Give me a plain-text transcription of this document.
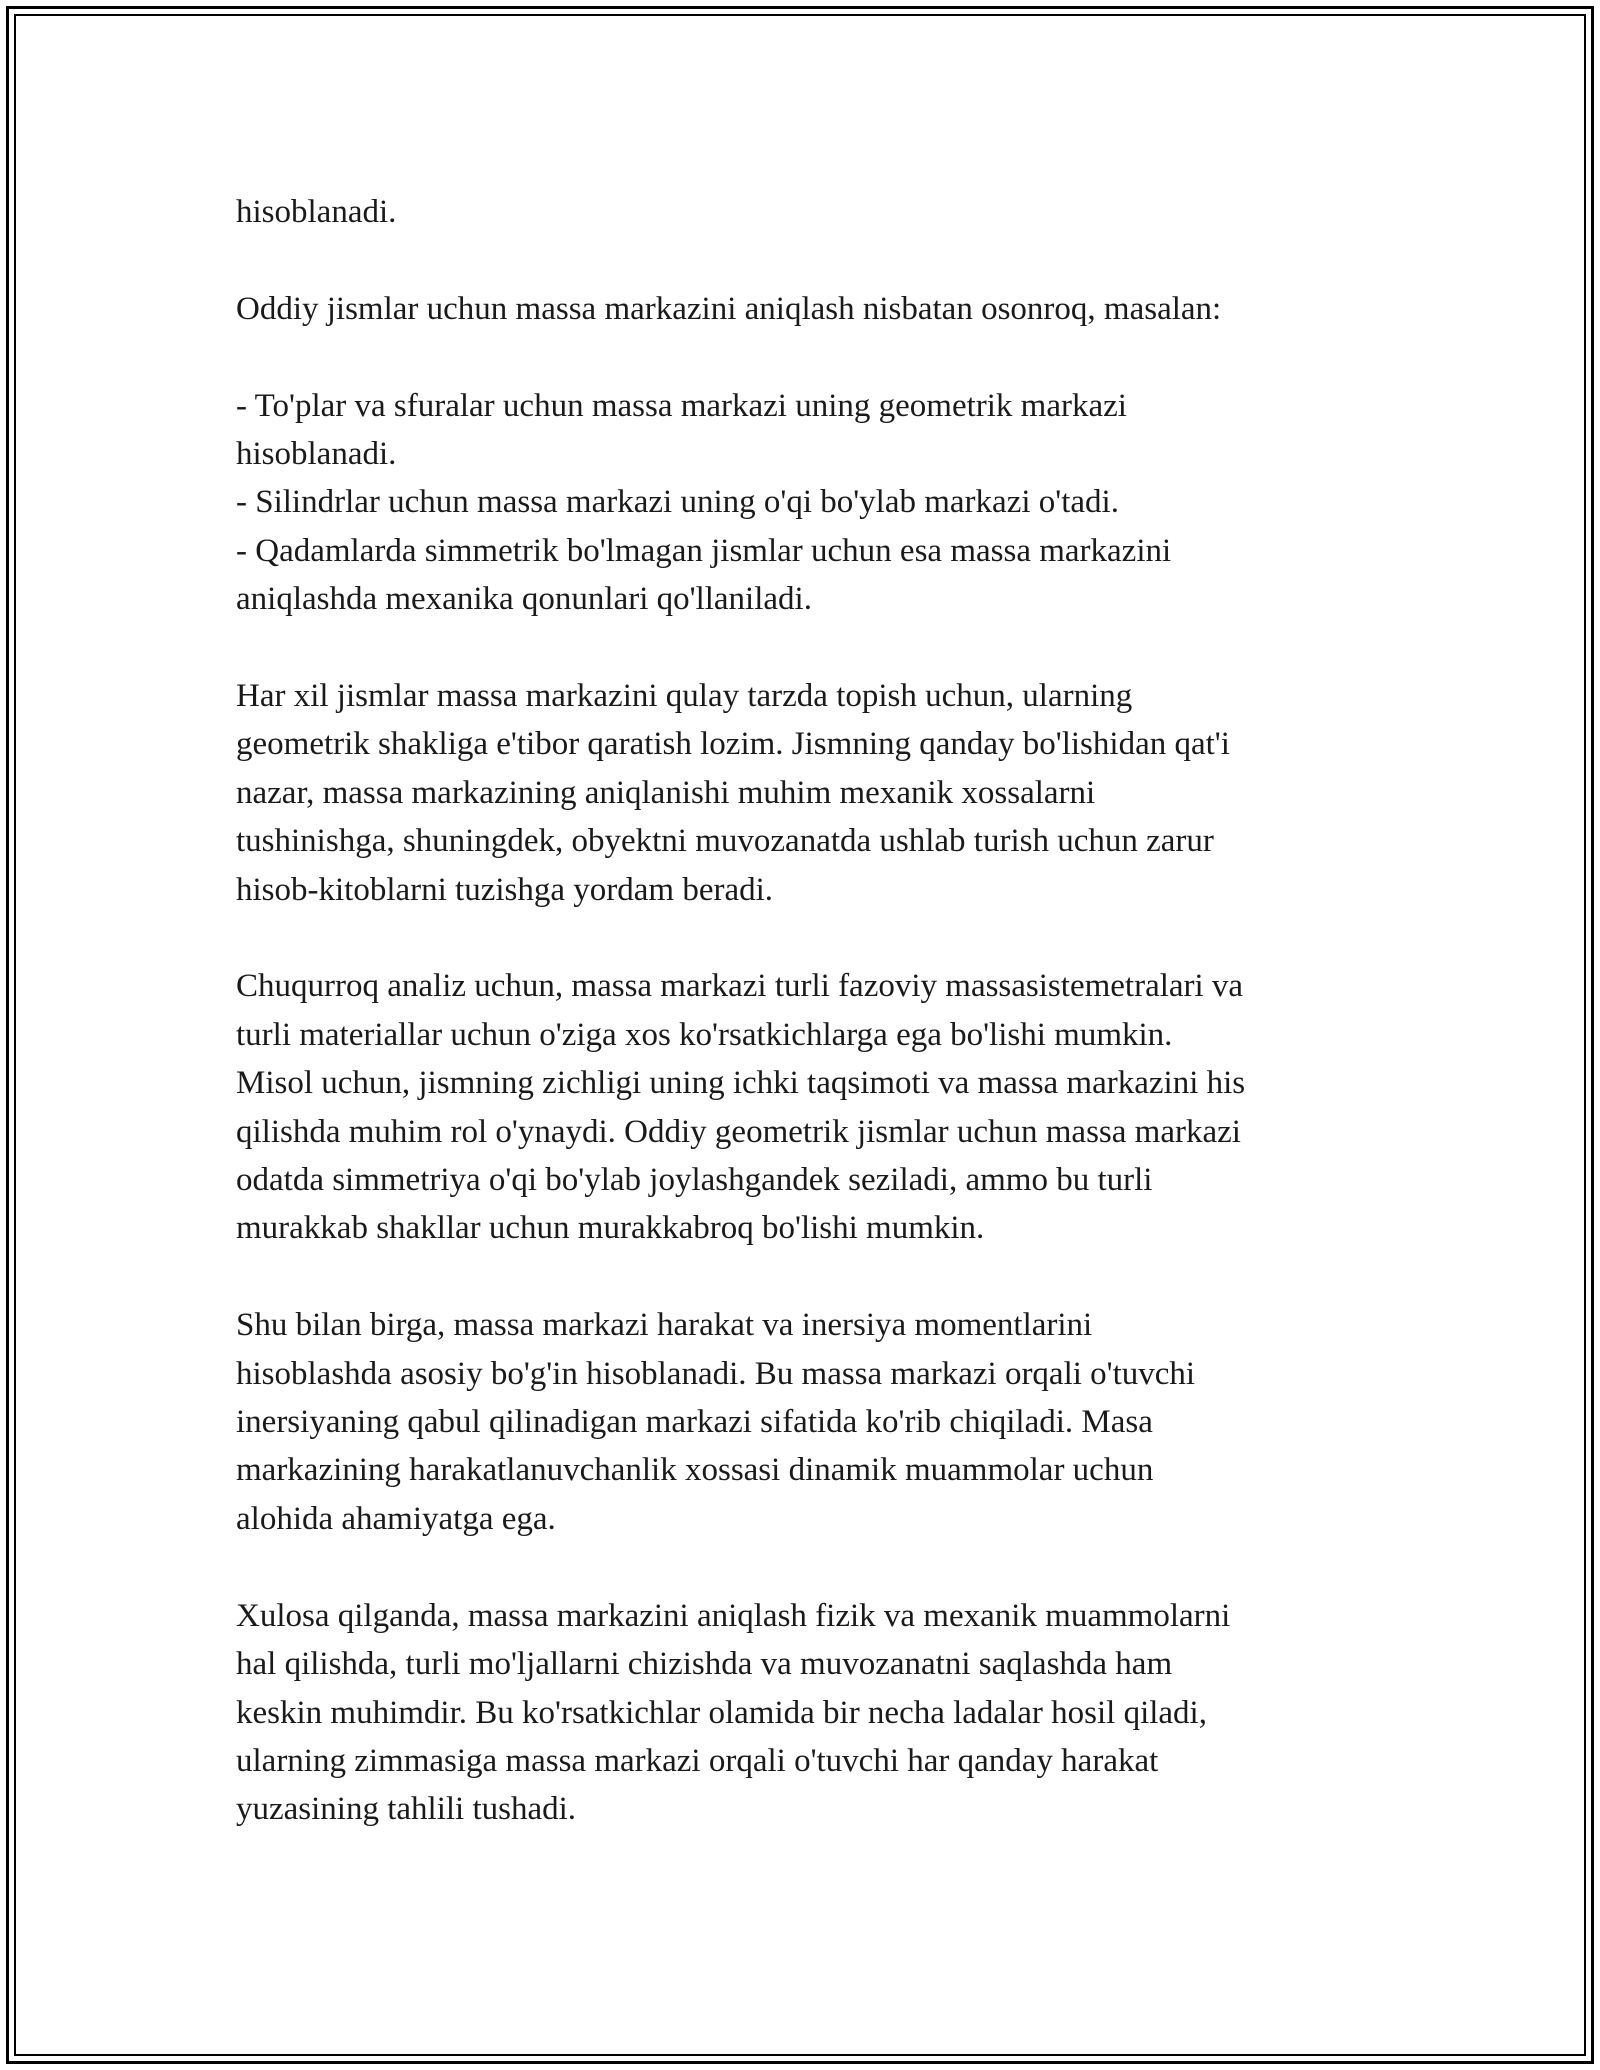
hisoblanadi.

Oddiy jismlar uchun massa markazini aniqlash nisbatan osonroq, masalan:

- To'plar va sfuralar uchun massa markazi uning geometrik markazi
hisoblanadi.
- Silindrlar uchun massa markazi uning o'qi bo'ylab markazi o'tadi.
- Qadamlarda simmetrik bo'lmagan jismlar uchun esa massa markazini
aniqlashda mexanika qonunlari qo'llaniladi.

Har xil jismlar massa markazini qulay tarzda topish uchun, ularning
geometrik shakliga e'tibor qaratish lozim. Jismning qanday bo'lishidan qat'i
nazar, massa markazining aniqlanishi muhim mexanik xossalarni
tushinishga, shuningdek, obyektni muvozanatda ushlab turish uchun zarur
hisob-kitoblarni tuzishga yordam beradi.

Chuqurroq analiz uchun, massa markazi turli fazoviy massasistemetralari va
turli materiallar uchun o'ziga xos ko'rsatkichlarga ega bo'lishi mumkin.
Misol uchun, jismning zichligi uning ichki taqsimoti va massa markazini his
qilishda muhim rol o'ynaydi. Oddiy geometrik jismlar uchun massa markazi
odatda simmetriya o'qi bo'ylab joylashgandek seziladi, ammo bu turli
murakkab shakllar uchun murakkabroq bo'lishi mumkin.

Shu bilan birga, massa markazi harakat va inersiya momentlarini
hisoblashda asosiy bo'g'in hisoblanadi. Bu massa markazi orqali o'tuvchi
inersiyaning qabul qilinadigan markazi sifatida ko'rib chiqiladi. Masa
markazining harakatlanuvchanlik xossasi dinamik muammolar uchun
alohida ahamiyatga ega.

Xulosa qilganda, massa markazini aniqlash fizik va mexanik muammolarni
hal qilishda, turli mo'ljallarni chizishda va muvozanatni saqlashda ham
keskin muhimdir. Bu ko'rsatkichlar olamida bir necha ladalar hosil qiladi,
ularning zimmasiga massa markazi orqali o'tuvchi har qanday harakat
yuzasining tahlili tushadi.
